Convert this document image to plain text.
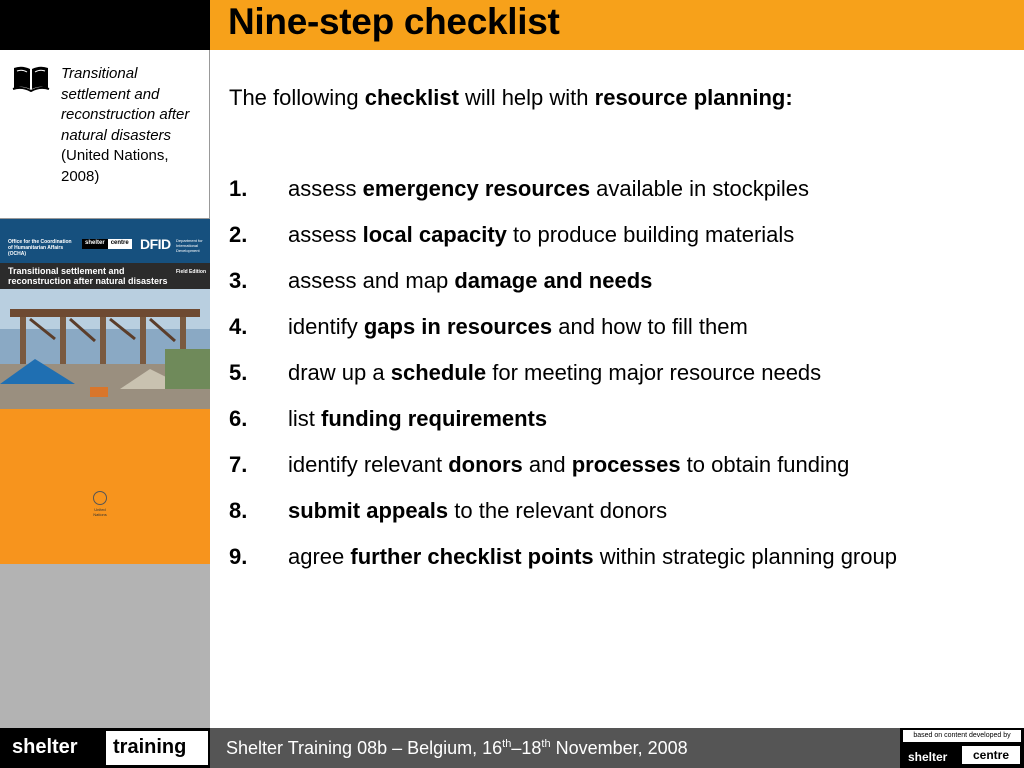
Nine-step checklist
Transitional settlement and reconstruction after natural disasters
(United Nations, 2008)
Office for the Coordination of Humanitarian Affairs (OCHA)
shelter	centre DFID Department for International Development
Transitional settlement and reconstruction after natural disasters
Field Edition
United Nations

The following checklist will help with resource planning:

1. assess emergency resources available in stockpiles
2. assess local capacity to produce building materials
3. assess and map damage and needs
4. identify gaps in resources and how to fill them
5. draw up a schedule for meeting major resource needs
6. list funding requirements
7. identify relevant donors and processes to obtain funding
8. submit appeals to the relevant donors
9. agree further checklist points within strategic planning group
shelter training Shelter Training 08b – Belgium, 16th–18th November, 2008
based on content developed by
shelter	centre
